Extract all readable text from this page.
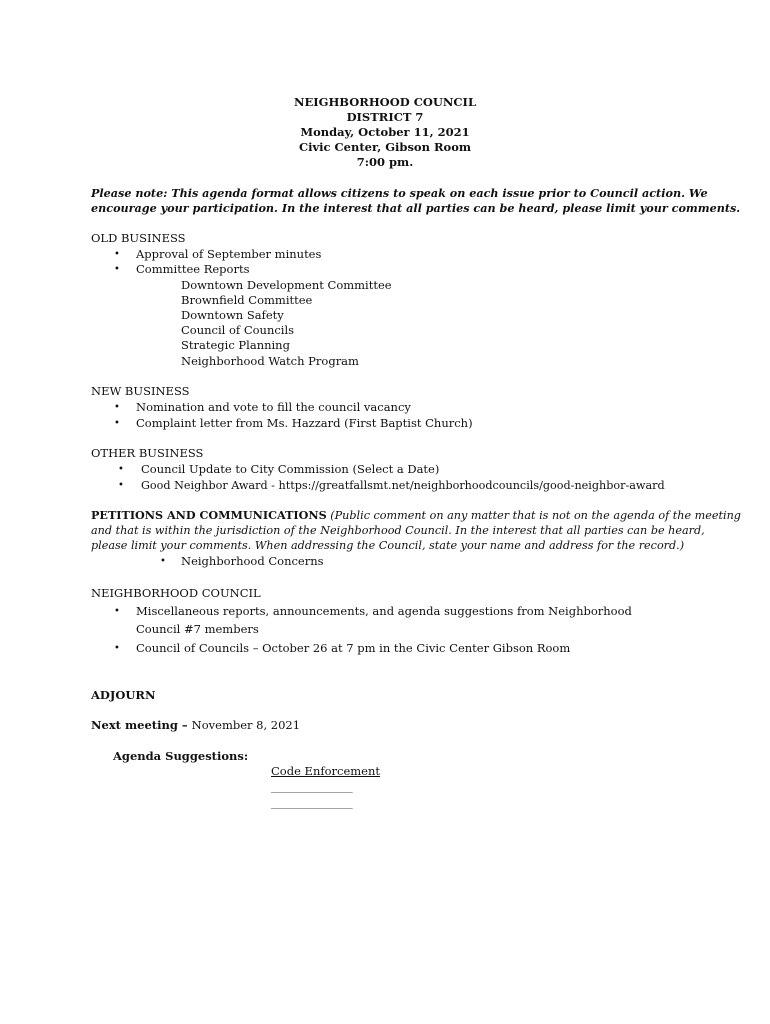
NEIGHBORHOOD COUNCIL
DISTRICT 7
Monday, October 11, 2021
Civic Center, Gibson Room
7:00 pm.
Please note: This agenda format allows citizens to speak on each issue prior to Council action. We
encourage your participation. In the interest that all parties can be heard, please limit your comments.
OLD BUSINESS
• Approval of September minutes
• Committee Reports
Downtown Development Committee
Brownfield Committee
Downtown Safety
Council of Councils
Strategic Planning
Neighborhood Watch Program
NEW BUSINESS
• Nomination and vote to fill the council vacancy
• Complaint letter from Ms. Hazzard (First Baptist Church)
OTHER BUSINESS
• Council Update to City Commission (Select a Date)
• Good Neighbor Award - https://greatfallsmt.net/neighborhoodcouncils/good-neighbor-award
PETITIONS AND COMMUNICATIONS (Public comment on any matter that is not on the agenda of the meeting
and that is within the jurisdiction of the Neighborhood Council. In the interest that all parties can be heard,
please limit your comments. When addressing the Council, state your name and address for the record.)
• Neighborhood Concerns
NEIGHBORHOOD COUNCIL
• Miscellaneous reports, announcements, and agenda suggestions from Neighborhood
Council #7 members
• Council of Councils – October 26 at 7 pm in the Civic Center Gibson Room
ADJOURN
Next meeting – November 8, 2021
Agenda Suggestions:
Code Enforcement
_________________
_________________
